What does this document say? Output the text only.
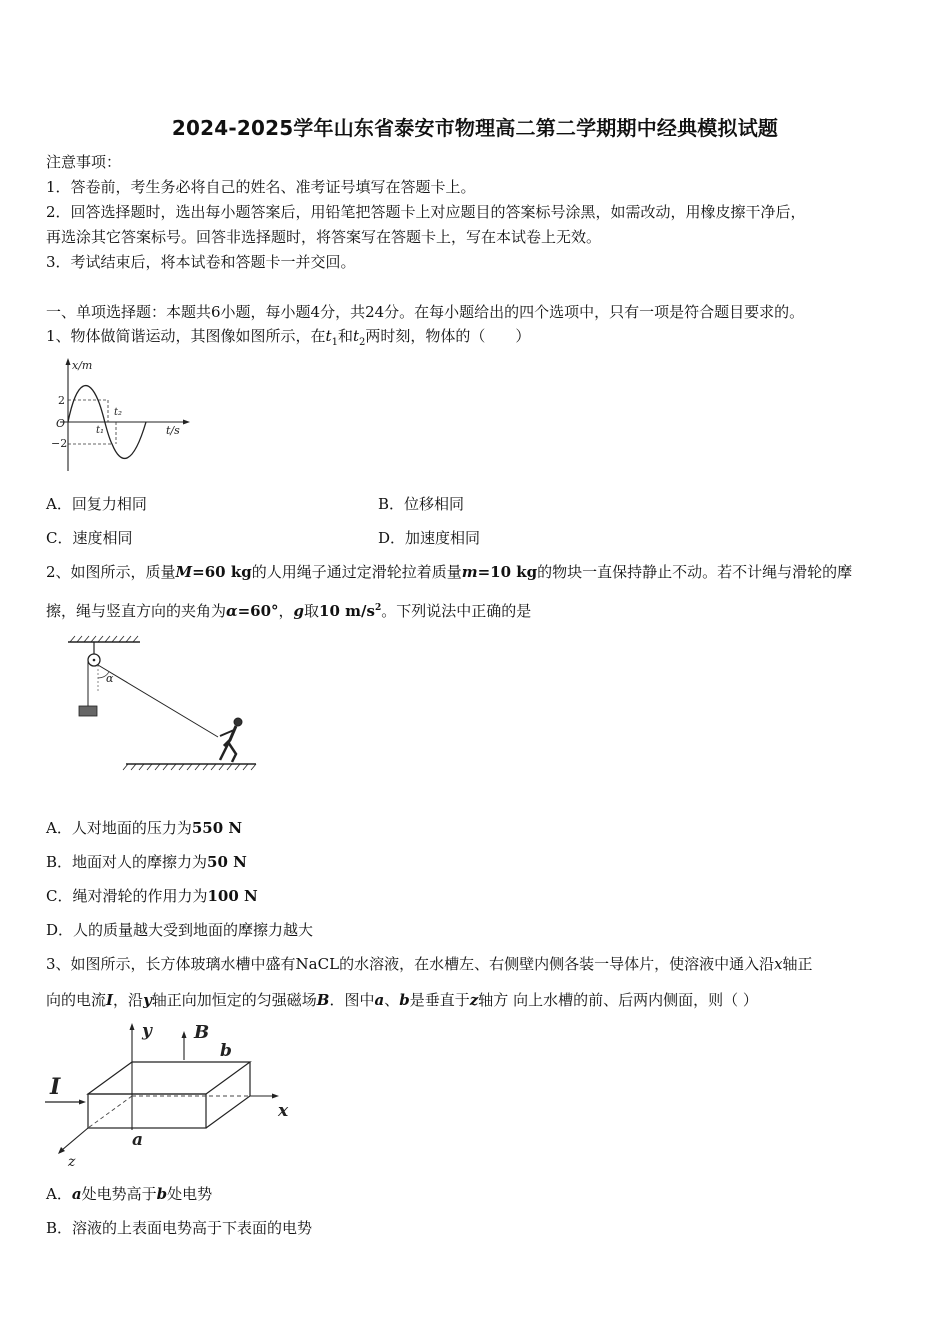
2024-2025学年山东省泰安市物理高二第二学期期中经典模拟试题
注意事项：
1．答卷前，考生务必将自己的姓名、准考证号填写在答题卡上。
2．回答选择题时，选出每小题答案后，用铅笔把答题卡上对应题目的答案标号涂黑，如需改动，用橡皮擦干净后，
再选涂其它答案标号。回答非选择题时，将答案写在答题卡上，写在本试卷上无效。
3．考试结束后，将本试卷和答题卡一并交回。
一、单项选择题：本题共6小题，每小题4分，共24分。在每小题给出的四个选项中，只有一项是符合题目要求的。
1、物体做简谐运动，其图像如图所示，在$t_1$和$t_2$两时刻，物体的（　　）
x/m
t/s
O
2
−2
t₁
t₂
A．回复力相同	B．位移相同
C．速度相同	D．加速度相同
2、如图所示，质量M=60 kg的人用绳子通过定滑轮拉着质量m=10 kg的物块一直保持静止不动。若不计绳与滑轮的摩
擦，绳与竖直方向的夹角为α=60°，g取10 $m/s^2$。下列说法中正确的是
α
A．人对地面的压力为550 N
B．地面对人的摩擦力为50 N
C．绳对滑轮的作用力为100 N
D．人的质量越大受到地面的摩擦力越大
3、如图所示，长方体玻璃水槽中盛有NaCL的水溶液，在水槽左、右侧壁内侧各装一导体片，使溶液中通入沿x轴正
向的电流I，沿y轴正向加恒定的匀强磁场B．图中a、b是垂直于z轴方 向上水槽的前、后两内侧面，则（ ）
y B
b
x
z
I
a
A．a处电势高于b处电势
B．溶液的上表面电势高于下表面的电势
